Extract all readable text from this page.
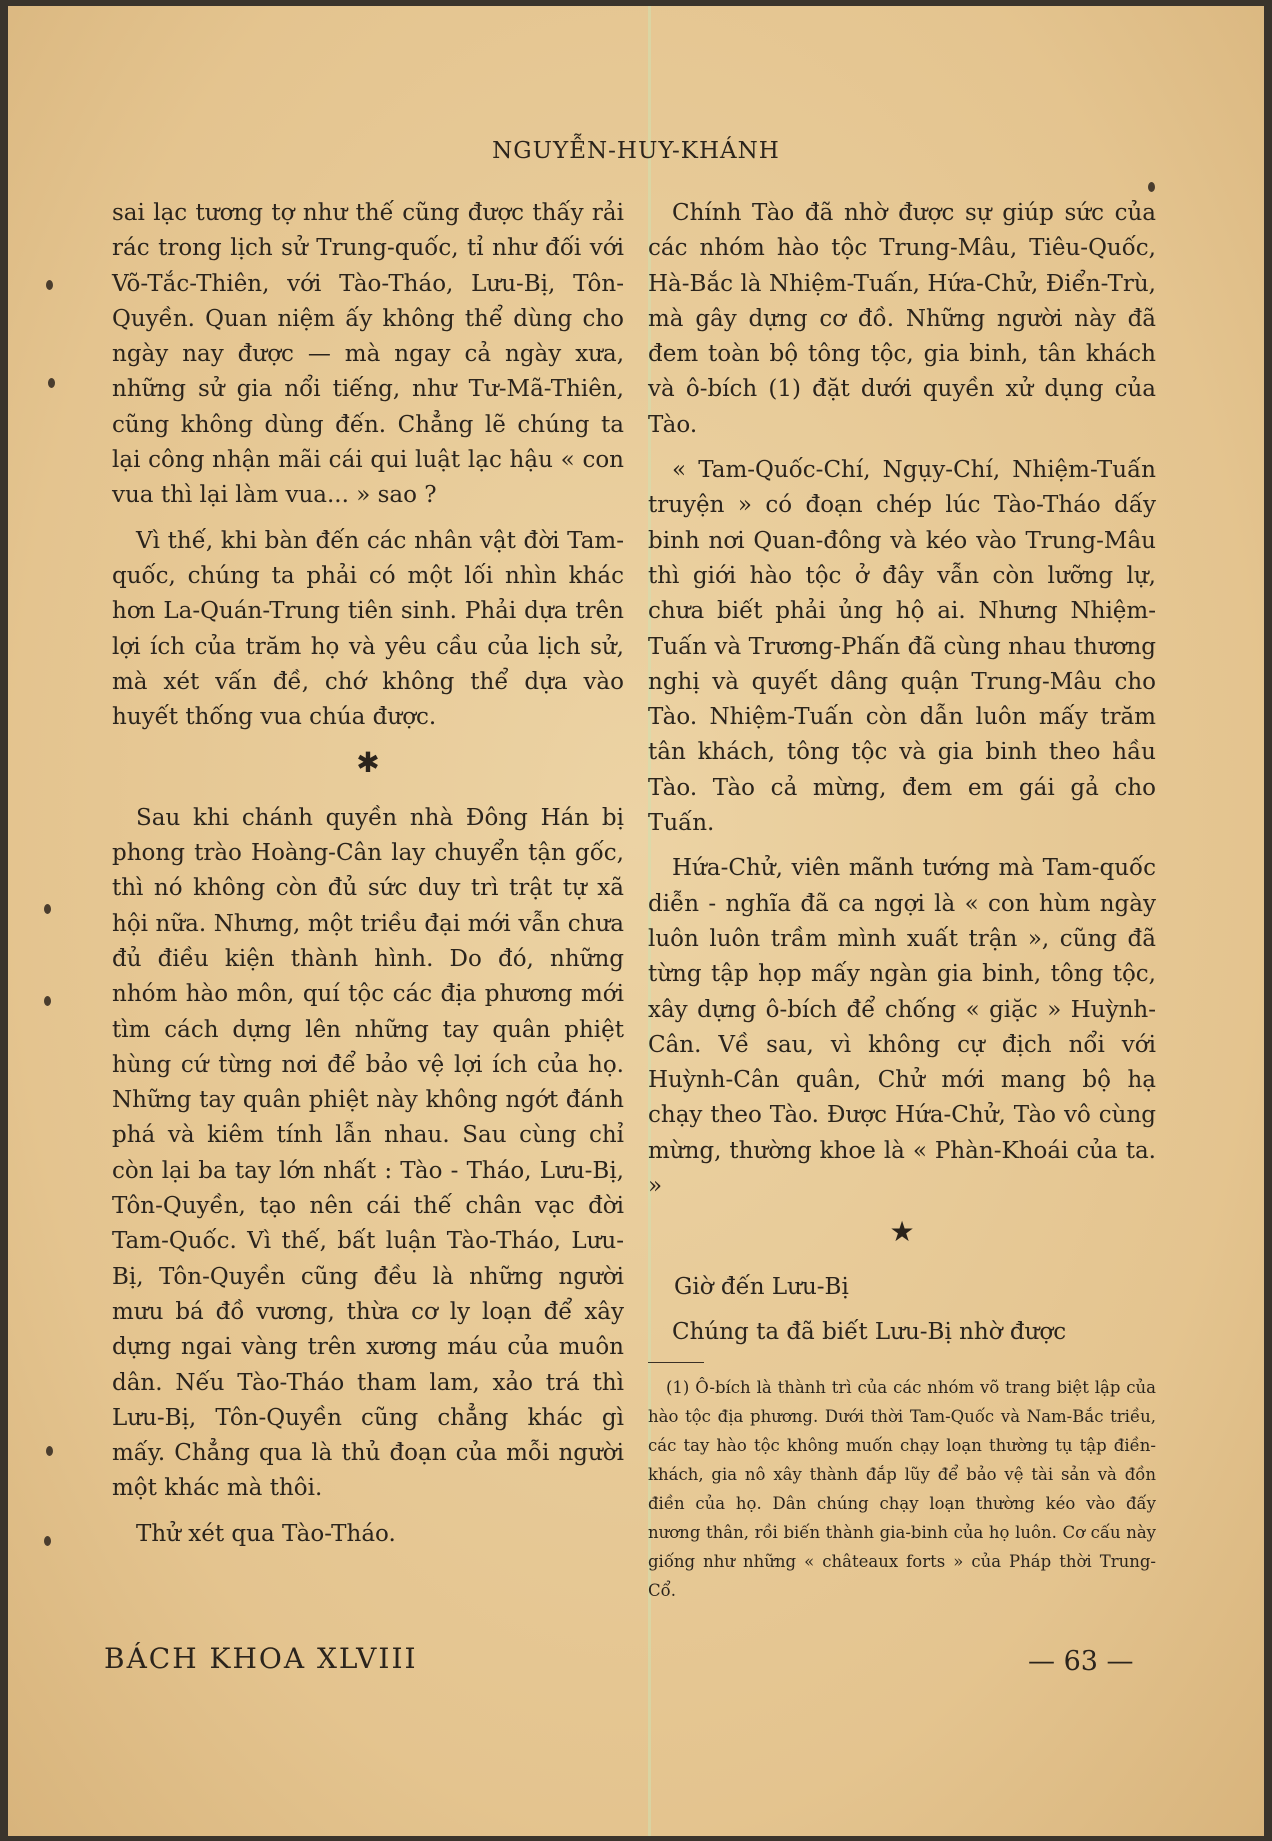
NGUYỄN-HUY-KHÁNH

sai lạc tương tợ như thế cũng được thấy rải rác trong lịch sử Trung-quốc, tỉ như đối với Võ-Tắc-Thiên, với Tào-Tháo, Lưu-Bị, Tôn-Quyền. Quan niệm ấy không thể dùng cho ngày nay được — mà ngay cả ngày xưa, những sử gia nổi tiếng, như Tư-Mã-Thiên, cũng không dùng đến. Chẳng lẽ chúng ta lại công nhận mãi cái qui luật lạc hậu « con vua thì lại làm vua... » sao ?

Vì thế, khi bàn đến các nhân vật đời Tam-quốc, chúng ta phải có một lối nhìn khác hơn La-Quán-Trung tiên sinh. Phải dựa trên lợi ích của trăm họ và yêu cầu của lịch sử, mà xét vấn đề, chớ không thể dựa vào huyết thống vua chúa được.

✱

Sau khi chánh quyền nhà Đông Hán bị phong trào Hoàng-Cân lay chuyển tận gốc, thì nó không còn đủ sức duy trì trật tự xã hội nữa. Nhưng, một triều đại mới vẫn chưa đủ điều kiện thành hình. Do đó, những nhóm hào môn, quí tộc các địa phương mới tìm cách dựng lên những tay quân phiệt hùng cứ từng nơi để bảo vệ lợi ích của họ. Những tay quân phiệt này không ngớt đánh phá và kiêm tính lẫn nhau. Sau cùng chỉ còn lại ba tay lớn nhất : Tào - Tháo, Lưu-Bị, Tôn-Quyền, tạo nên cái thế chân vạc đời Tam-Quốc. Vì thế, bất luận Tào-Tháo, Lưu-Bị, Tôn-Quyền cũng đều là những người mưu bá đồ vương, thừa cơ ly loạn để xây dựng ngai vàng trên xương máu của muôn dân. Nếu Tào-Tháo tham lam, xảo trá thì Lưu-Bị, Tôn-Quyền cũng chẳng khác gì mấy. Chẳng qua là thủ đoạn của mỗi người một khác mà thôi.

Thử xét qua Tào-Tháo.

Chính Tào đã nhờ được sự giúp sức của các nhóm hào tộc Trung-Mâu, Tiêu-Quốc, Hà-Bắc là Nhiệm-Tuấn, Hứa-Chử, Điển-Trù, mà gây dựng cơ đồ. Những người này đã đem toàn bộ tông tộc, gia binh, tân khách và ô-bích (1) đặt dưới quyền xử dụng của Tào.

« Tam-Quốc-Chí, Ngụy-Chí, Nhiệm-Tuấn truyện » có đoạn chép lúc Tào-Tháo dấy binh nơi Quan-đông và kéo vào Trung-Mâu thì giới hào tộc ở đây vẫn còn lưỡng lự, chưa biết phải ủng hộ ai. Nhưng Nhiệm-Tuấn và Trương-Phấn đã cùng nhau thương nghị và quyết dâng quận Trung-Mâu cho Tào. Nhiệm-Tuấn còn dẫn luôn mấy trăm tân khách, tông tộc và gia binh theo hầu Tào. Tào cả mừng, đem em gái gả cho Tuấn.

Hứa-Chử, viên mãnh tướng mà Tam-quốc diễn - nghĩa đã ca ngợi là « con hùm ngày luôn luôn trầm mình xuất trận », cũng đã từng tập họp mấy ngàn gia binh, tông tộc, xây dựng ô-bích để chống « giặc » Huỳnh-Cân. Về sau, vì không cự địch nổi với Huỳnh-Cân quân, Chử mới mang bộ hạ chạy theo Tào. Được Hứa-Chử, Tào vô cùng mừng, thường khoe là « Phàn-Khoái của ta. »

★

Giờ đến Lưu-Bị

Chúng ta đã biết Lưu-Bị nhờ được

(1) Ô-bích là thành trì của các nhóm võ trang biệt lập của hào tộc địa phương. Dưới thời Tam-Quốc và Nam-Bắc triều, các tay hào tộc không muốn chạy loạn thường tụ tập điền-khách, gia nô xây thành đắp lũy để bảo vệ tài sản và đồn điền của họ. Dân chúng chạy loạn thường kéo vào đấy nương thân, rồi biến thành gia-binh của họ luôn. Cơ cấu này giống như những « châteaux forts » của Pháp thời Trung-Cổ.
BÁCH KHOA XLVIII	— 63 —
